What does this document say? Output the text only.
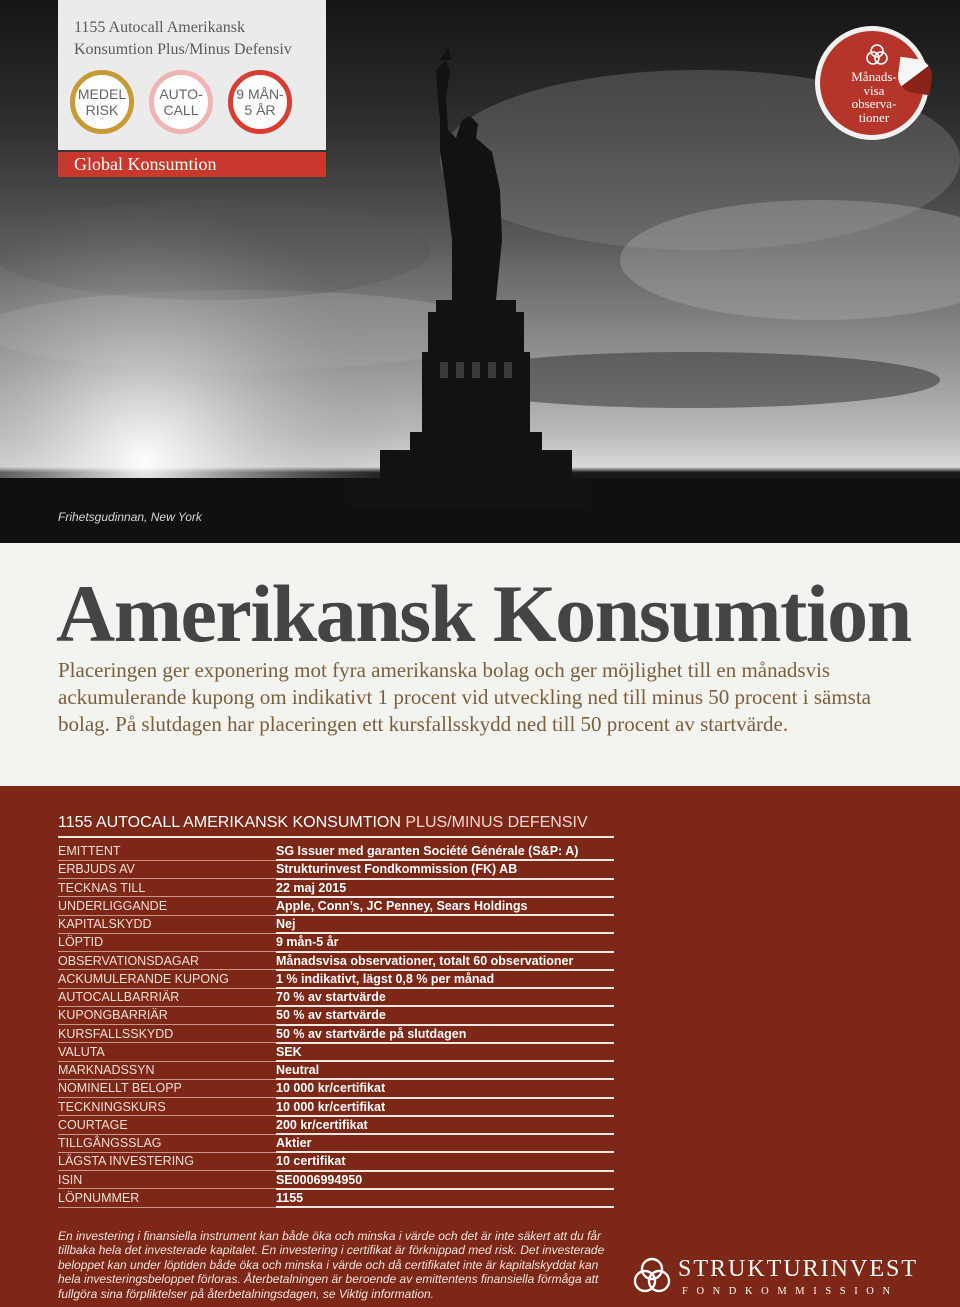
Frihetsgudinnan, New York
1155 Autocall Amerikansk
Konsumtion Plus/Minus Defensiv
MEDEL
RISK
AUTO-
CALL
9 MÅN-
5 ÅR
Global Konsumtion
Månads-
visa
observa-
tioner
Amerikansk Konsumtion

Placeringen ger exponering mot fyra amerikanska bolag och ger möjlighet till en månadsvis ackumulerande kupong om indikativt 1 procent vid utveckling ned till minus 50 procent i sämsta bolag. På slutdagen har placeringen ett kursfallsskydd ned till 50 procent av startvärde.

1155 AUTOCALL AMERIKANSK KONSUMTION PLUS/MINUS DEFENSIV
EMITTENT	SG Issuer med garanten Société Générale (S&P: A)
ERBJUDS AV	Strukturinvest Fondkommission (FK) AB
TECKNAS TILL	22 maj 2015
UNDERLIGGANDE	Apple, Conn’s, JC Penney, Sears Holdings
KAPITALSKYDD	Nej
LÖPTID	9 mån-5 år
OBSERVATIONSDAGAR	Månadsvisa observationer, totalt 60 observationer
ACKUMULERANDE KUPONG	1 % indikativt, lägst 0,8 % per månad
AUTOCALLBARRIÄR	70 % av startvärde
KUPONGBARRIÄR	50 % av startvärde
KURSFALLSSKYDD	50 % av startvärde på slutdagen
VALUTA	SEK
MARKNADSSYN	Neutral
NOMINELLT BELOPP	10 000 kr/certifikat
TECKNINGSKURS	10 000 kr/certifikat
COURTAGE	200 kr/certifikat
TILLGÅNGSSLAG	Aktier
LÄGSTA INVESTERING	10 certifikat
ISIN	SE0006994950
LÖPNUMMER	1155

En investering i finansiella instrument kan både öka och minska i värde och det är inte säkert att du får tillbaka hela det investerade kapitalet. En investering i certifikat är förknippad med risk. Det investerade beloppet kan under löptiden både öka och minska i värde och då certifikatet inte är kapitalskyddat kan hela investeringsbeloppet förloras. Återbetalningen är beroende av emittentens finansiella förmåga att fullgöra sina förpliktelser på återbetalningsdagen, se Viktig information.

STRUKTURINVEST
FONDKOMMISSION
